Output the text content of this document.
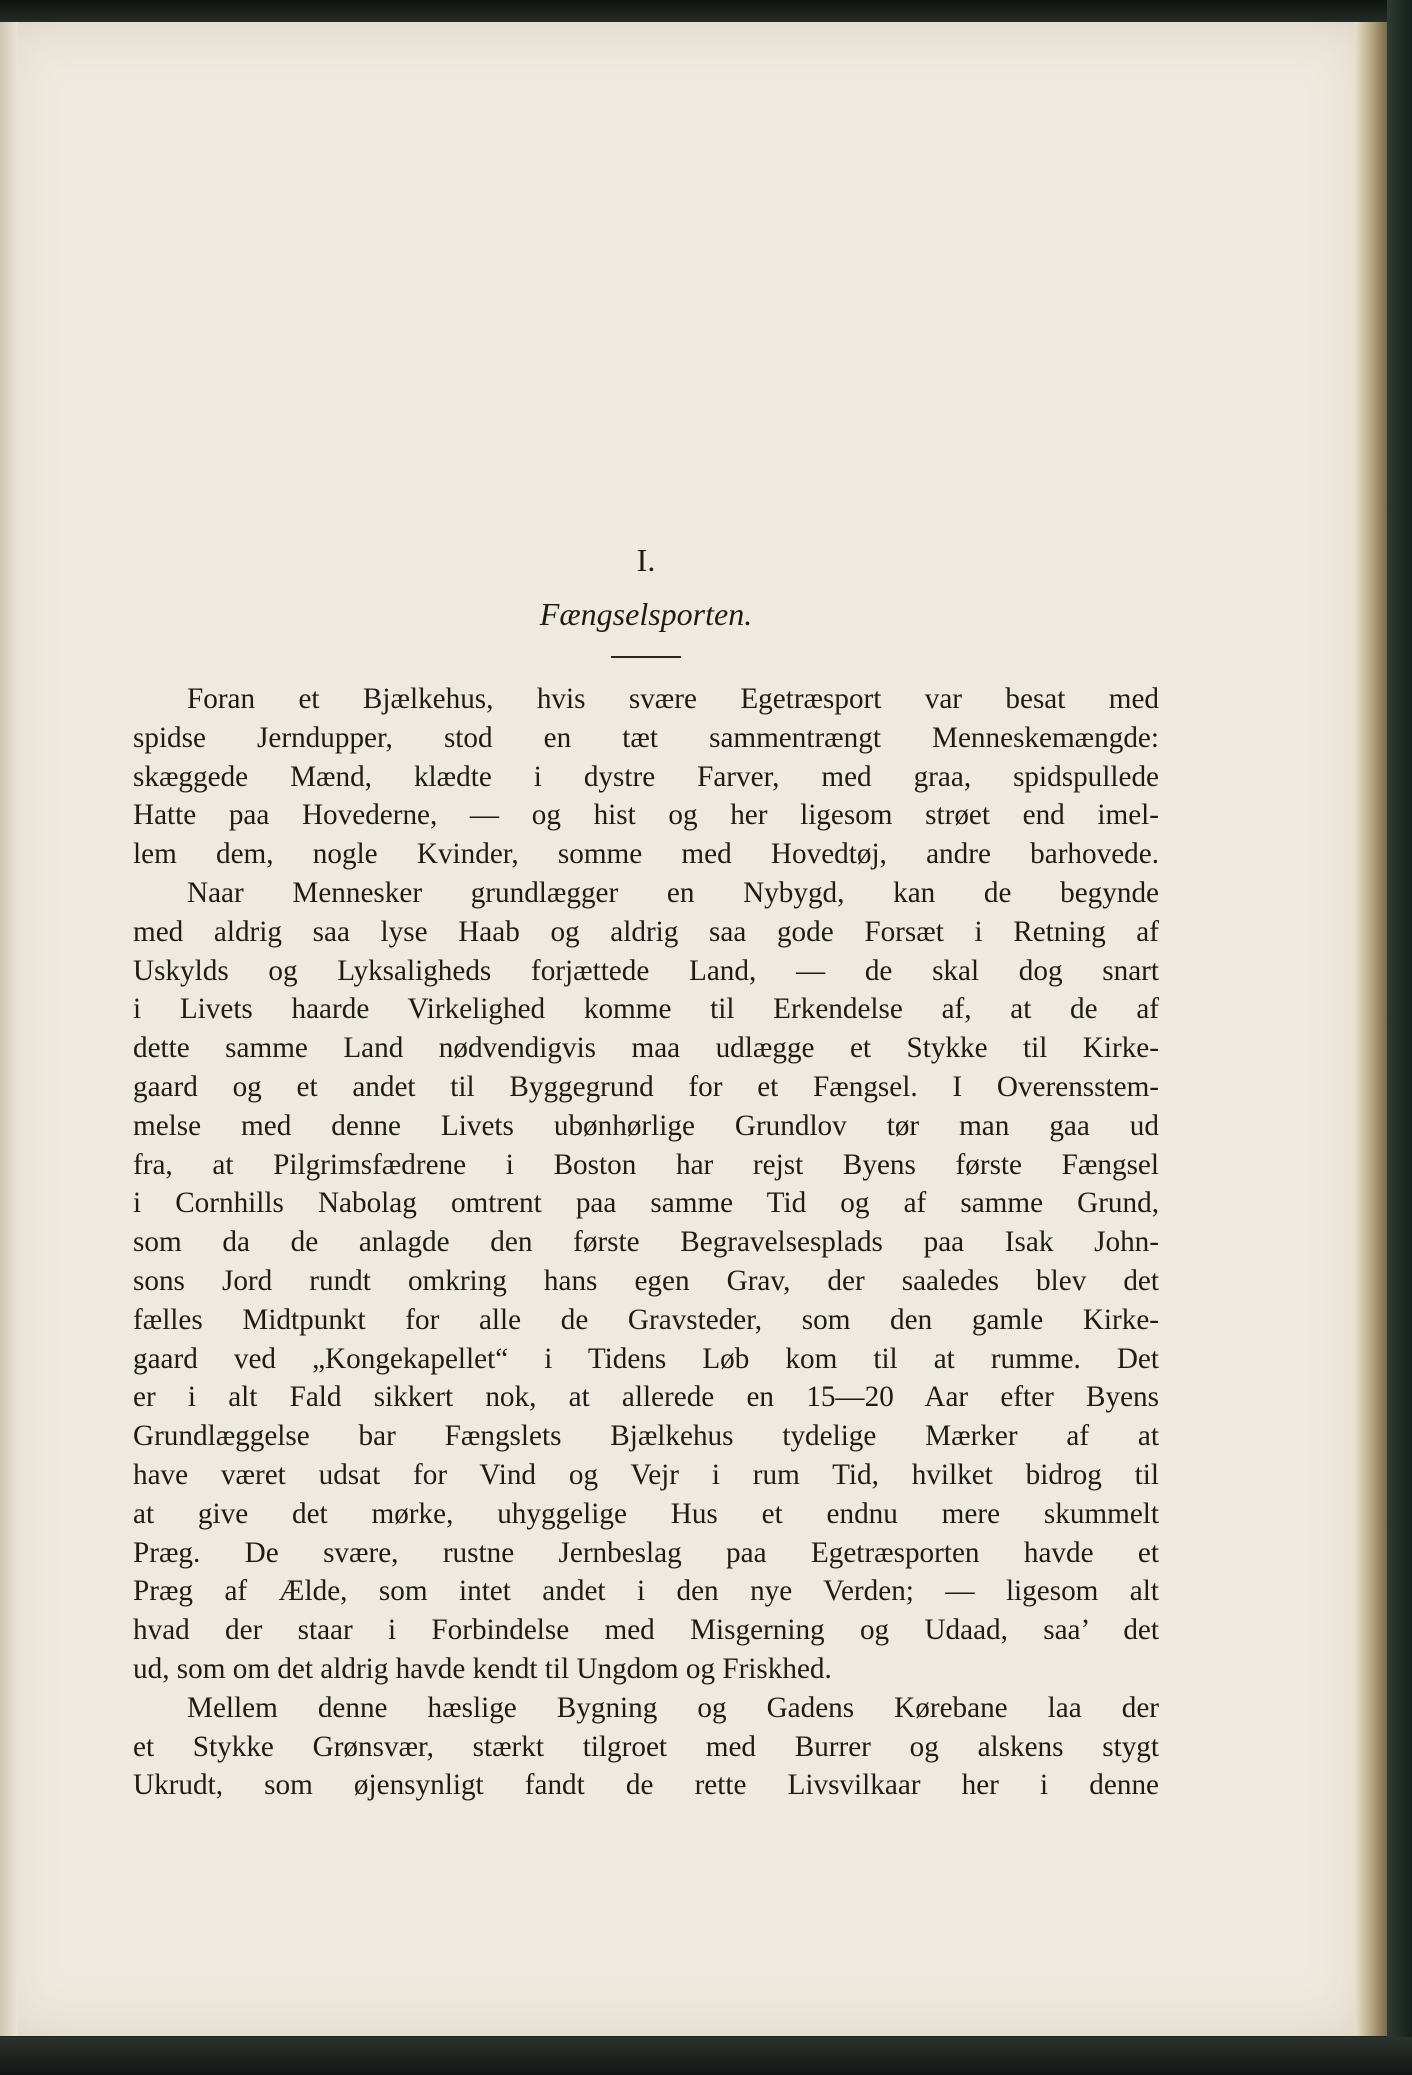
I.
Fængselsporten.
Foran et Bjælkehus, hvis svære Egetræsport var besat med
spidse Jerndupper, stod en tæt sammentrængt Menneskemængde:
skæggede Mænd, klædte i dystre Farver, med graa, spidspullede
Hatte paa Hovederne, — og hist og her ligesom strøet end imel-
lem dem, nogle Kvinder, somme med Hovedtøj, andre barhovede.
Naar Mennesker grundlægger en Nybygd, kan de begynde
med aldrig saa lyse Haab og aldrig saa gode Forsæt i Retning af
Uskylds og Lyksaligheds forjættede Land, — de skal dog snart
i Livets haarde Virkelighed komme til Erkendelse af, at de af
dette samme Land nødvendigvis maa udlægge et Stykke til Kirke-
gaard og et andet til Byggegrund for et Fængsel. I Overensstem-
melse med denne Livets ubønhørlige Grundlov tør man gaa ud
fra, at Pilgrimsfædrene i Boston har rejst Byens første Fængsel
i Cornhills Nabolag omtrent paa samme Tid og af samme Grund,
som da de anlagde den første Begravelsesplads paa Isak John-
sons Jord rundt omkring hans egen Grav, der saaledes blev det
fælles Midtpunkt for alle de Gravsteder, som den gamle Kirke-
gaard ved „Kongekapellet“ i Tidens Løb kom til at rumme. Det
er i alt Fald sikkert nok, at allerede en 15—20 Aar efter Byens
Grundlæggelse bar Fængslets Bjælkehus tydelige Mærker af at
have været udsat for Vind og Vejr i rum Tid, hvilket bidrog til
at give det mørke, uhyggelige Hus et endnu mere skummelt
Præg. De svære, rustne Jernbeslag paa Egetræsporten havde et
Præg af Ælde, som intet andet i den nye Verden; — ligesom alt
hvad der staar i Forbindelse med Misgerning og Udaad, saa’ det
ud, som om det aldrig havde kendt til Ungdom og Friskhed.
Mellem denne hæslige Bygning og Gadens Kørebane laa der
et Stykke Grønsvær, stærkt tilgroet med Burrer og alskens stygt
Ukrudt, som øjensynligt fandt de rette Livsvilkaar her i denne
